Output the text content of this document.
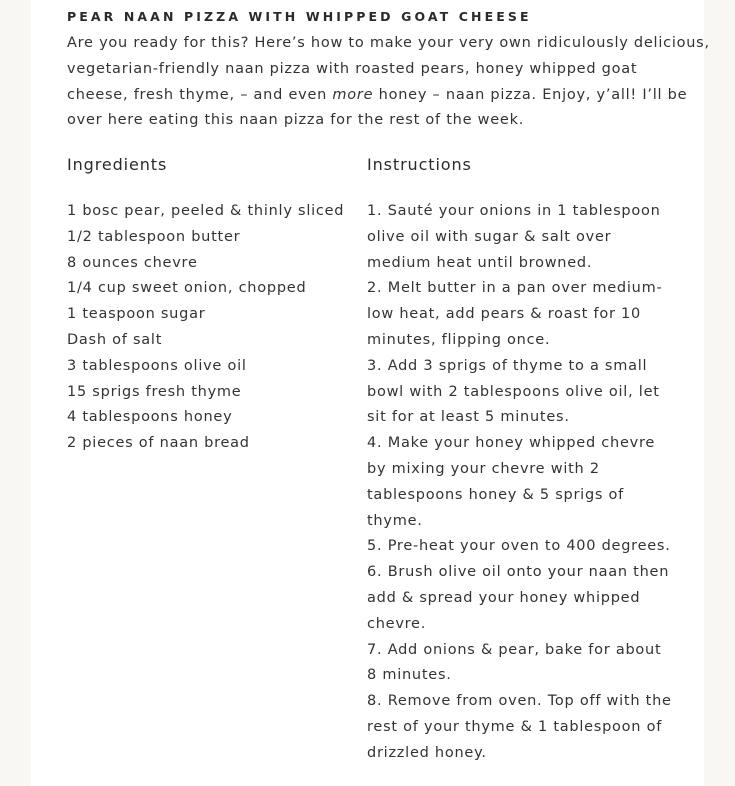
PEAR NAAN PIZZA WITH WHIPPED GOAT CHEESE

Are you ready for this? Here’s how to make your very own ridiculously delicious,

vegetarian-friendly naan pizza with roasted pears, honey whipped goat

cheese, fresh thyme, – and even more honey – naan pizza. Enjoy, y’all! I’ll be

over here eating this naan pizza for the rest of the week.

Ingredients	Instructions
1 bosc pear, peeled & thinly sliced
1/2 tablespoon butter
8 ounces chevre
1/4 cup sweet onion, chopped
1 teaspoon sugar
Dash of salt
3 tablespoons olive oil
15 sprigs fresh thyme
4 tablespoons honey
2 pieces of naan bread
1. Sauté your onions in 1 tablespoon
olive oil with sugar & salt over
medium heat until browned.
2. Melt butter in a pan over medium-
low heat, add pears & roast for 10
minutes, flipping once.
3. Add 3 sprigs of thyme to a small
bowl with 2 tablespoons olive oil, let
sit for at least 5 minutes.
4. Make your honey whipped chevre
by mixing your chevre with 2
tablespoons honey & 5 sprigs of
thyme.
5. Pre-heat your oven to 400 degrees.
6. Brush olive oil onto your naan then
add & spread your honey whipped
chevre.
7. Add onions & pear, bake for about
8 minutes.
8. Remove from oven. Top off with the
rest of your thyme & 1 tablespoon of
drizzled honey.
